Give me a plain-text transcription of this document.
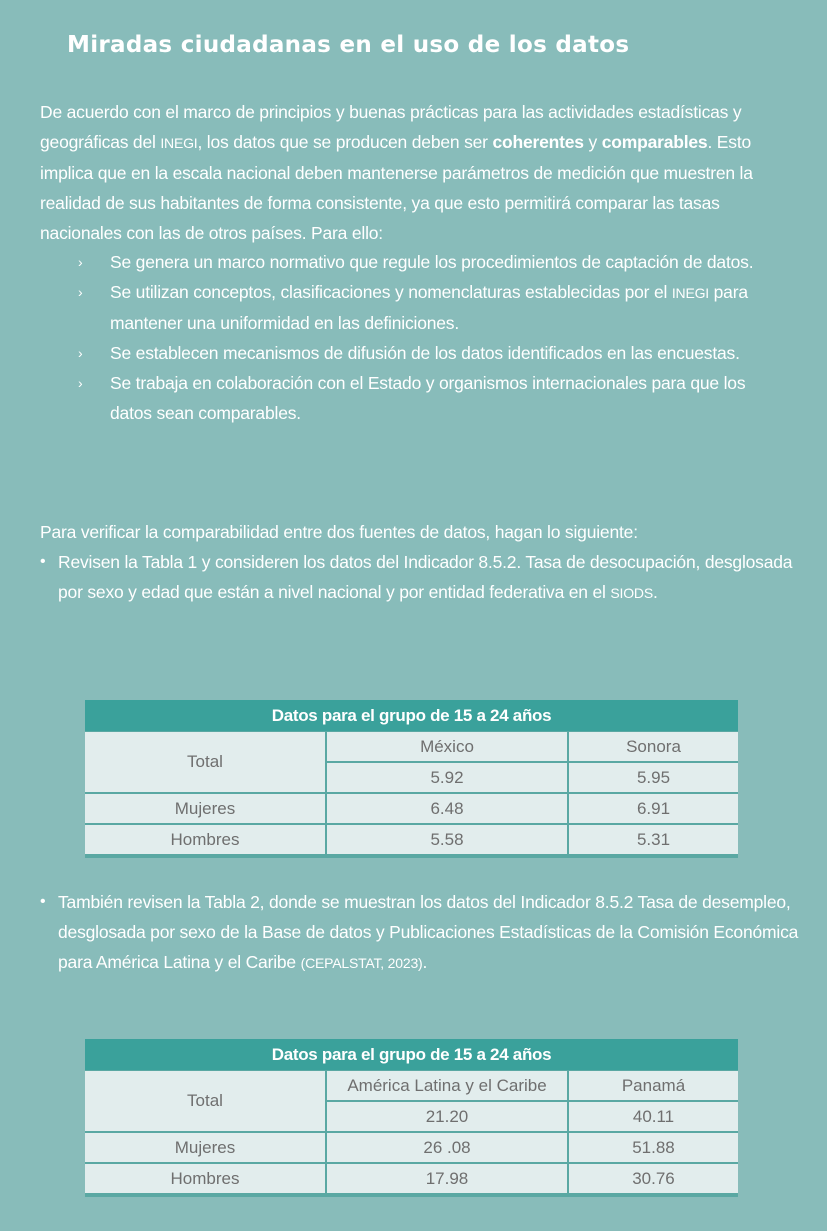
Miradas ciudadanas en el uso de los datos

De acuerdo con el marco de principios y buenas prácticas para las actividades estadísticas y geográficas del INEGI, los datos que se producen deben ser coherentes y comparables. Esto implica que en la escala nacional deben mantenerse parámetros de medición que muestren la realidad de sus habitantes de forma consistente, ya que esto permitirá comparar las tasas nacionales con las de otros países. Para ello:

› Se genera un marco normativo que regule los procedimientos de captación de datos.
› Se utilizan conceptos, clasificaciones y nomenclaturas establecidas por el INEGI para mantener una uniformidad en las definiciones.
› Se establecen mecanismos de difusión de los datos identificados en las encuestas.
› Se trabaja en colaboración con el Estado y organismos internacionales para que los datos sean comparables.

Para verificar la comparabilidad entre dos fuentes de datos, hagan lo siguiente:

• Revisen la Tabla 1 y consideren los datos del Indicador 8.5.2. Tasa de desocupación, desglosada por sexo y edad que están a nivel nacional y por entidad federativa en el SIODS.
Datos para el grupo de 15 a 24 años		
Total	México	Sonora
	5.92	5.95
Mujeres	6.48	6.91
Hombres	5.58	5.31
• También revisen la Tabla 2, donde se muestran los datos del Indicador 8.5.2 Tasa de desempleo, desglosada por sexo de la Base de datos y Publicaciones Estadísticas de la Comisión Económica para América Latina y el Caribe (CEPALSTAT, 2023).
Datos para el grupo de 15 a 24 años		
Total	América Latina y el Caribe	Panamá
	21.20	40.11
Mujeres	26 .08	51.88
Hombres	17.98	30.76
